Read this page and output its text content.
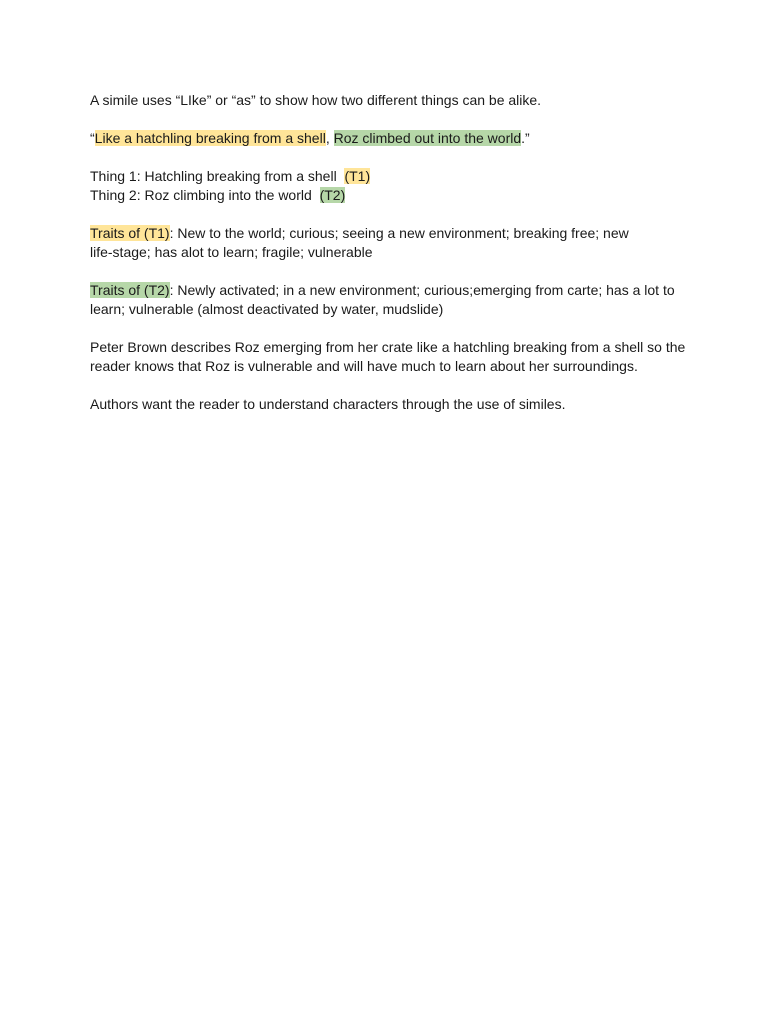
A simile uses “LIke” or “as” to show how two different things can be alike.

“Like a hatchling breaking from a shell, Roz climbed out into the world.”

Thing 1: Hatchling breaking from a shell  (T1)
Thing 2: Roz climbing into the world  (T2)

Traits of (T1): New to the world; curious; seeing a new environment; breaking free; new
life-stage; has alot to learn; fragile; vulnerable

Traits of (T2): Newly activated; in a new environment; curious;emerging from carte; has a lot to
learn; vulnerable (almost deactivated by water, mudslide)

Peter Brown describes Roz emerging from her crate like a hatchling breaking from a shell so the
reader knows that Roz is vulnerable and will have much to learn about her surroundings.

Authors want the reader to understand characters through the use of similes.
